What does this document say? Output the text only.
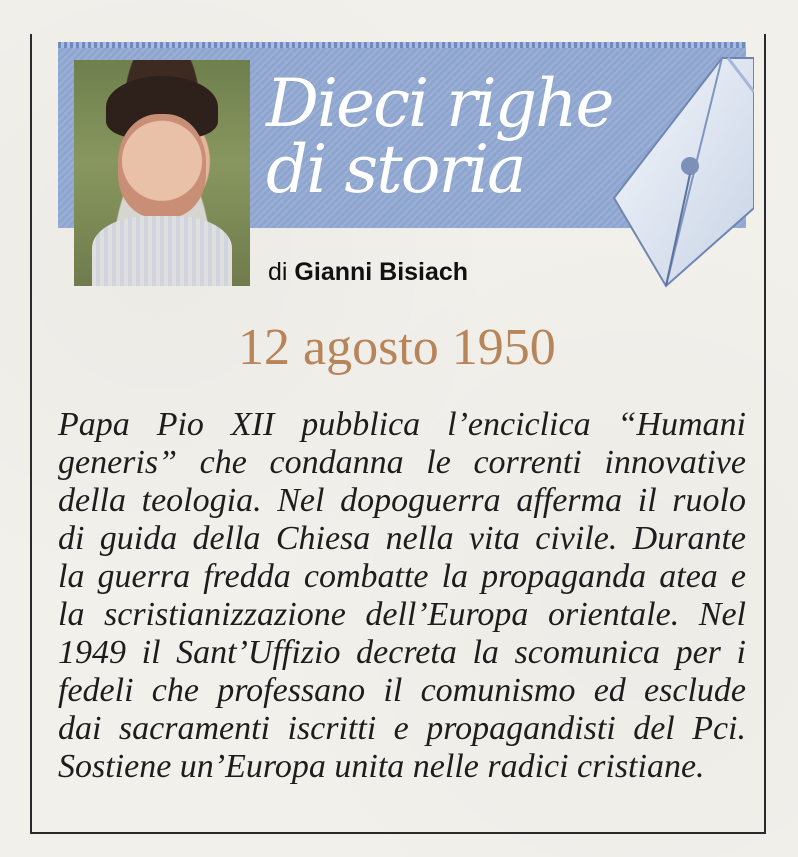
Dieci righe
di storia
di Gianni Bisiach
12 agosto 1950
Papa Pio XII pubblica l’enciclica “Humani
generis” che condanna le correnti innovative
della teologia. Nel dopoguerra afferma il ruolo
di guida della Chiesa nella vita civile. Durante
la guerra fredda combatte la propaganda atea e
la scristianizzazione dell’Europa orientale. Nel
1949 il Sant’Uffizio decreta la scomunica per i
fedeli che professano il comunismo ed esclude
dai sacramenti iscritti e propagandisti del Pci.
Sostiene un’Europa unita nelle radici cristiane.
